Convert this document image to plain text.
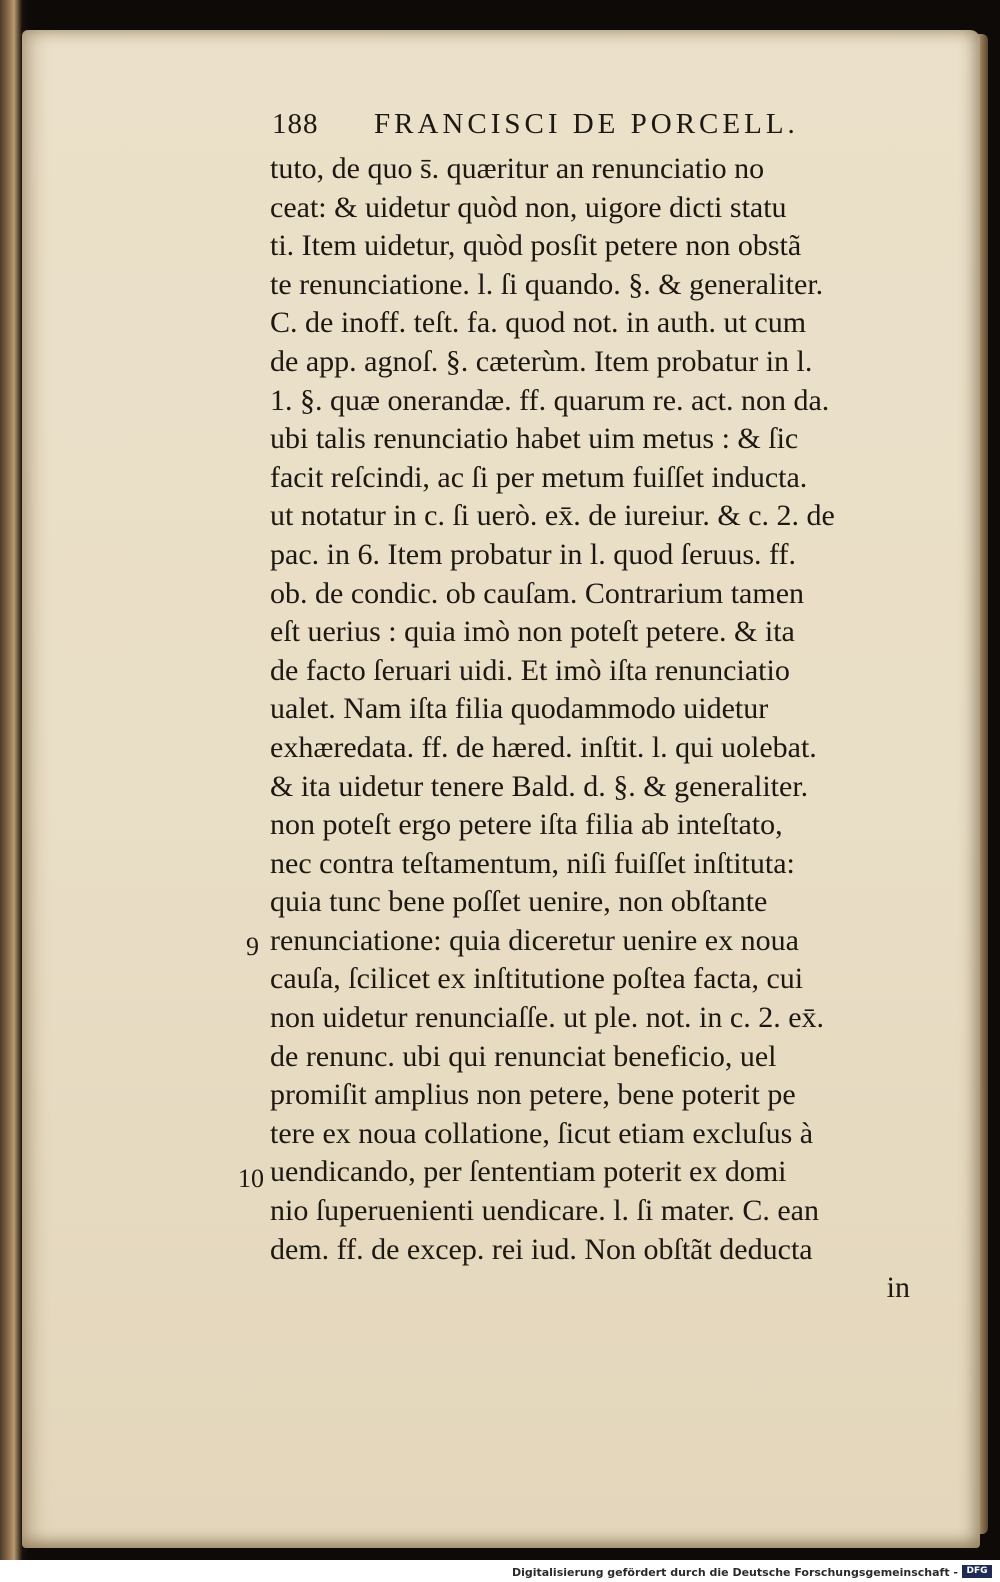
188 FRANCISCI DE PORCELL.
tuto, de quo s̄. quæritur an renunciatio no
ceat: & uidetur quòd non, uigore dicti statu
ti. Item uidetur, quòd posſit petere non obstã
te renunciatione. l. ſi quando. §. & generaliter.
C. de inoff. teſt. fa. quod not. in auth. ut cum
de app. agnoſ. §. cæterùm. Item probatur in l.
1. §. quæ onerandæ. ff. quarum re. act. non da.
ubi talis renunciatio habet uim metus : & ſic
facit reſcindi, ac ſi per metum fuiſſet inducta.
ut notatur in c. ſi uerò. ex̄. de iureiur. & c. 2. de
pac. in 6. Item probatur in l. quod ſeruus. ff.
ob. de condic. ob cauſam. Contrarium tamen
eſt uerius : quia imò non poteſt petere. & ita
de facto ſeruari uidi. Et imò iſta renunciatio
ualet. Nam iſta filia quodammodo uidetur
exhæredata. ff. de hæred. inſtit. l. qui uolebat.
& ita uidetur tenere Bald. d. §. & generaliter.
non poteſt ergo petere iſta filia ab inteſtato,
nec contra teſtamentum, niſi fuiſſet inſtituta:
quia tunc bene poſſet uenire, non obſtante
renunciatione: quia diceretur uenire ex noua
cauſa, ſcilicet ex inſtitutione poſtea facta, cui
non uidetur renunciaſſe. ut ple. not. in c. 2. ex̄.
de renunc. ubi qui renunciat beneficio, uel
promiſit amplius non petere, bene poterit pe
tere ex noua collatione, ſicut etiam excluſus à
uendicando, per ſententiam poterit ex domi
nio ſuperuenienti uendicare. l. ſi mater. C. ean
dem. ff. de excep. rei iud. Non obſtãt deducta
in
9
10
Digitalisierung gefördert durch die Deutsche Forschungsgemeinschaft - DFG
